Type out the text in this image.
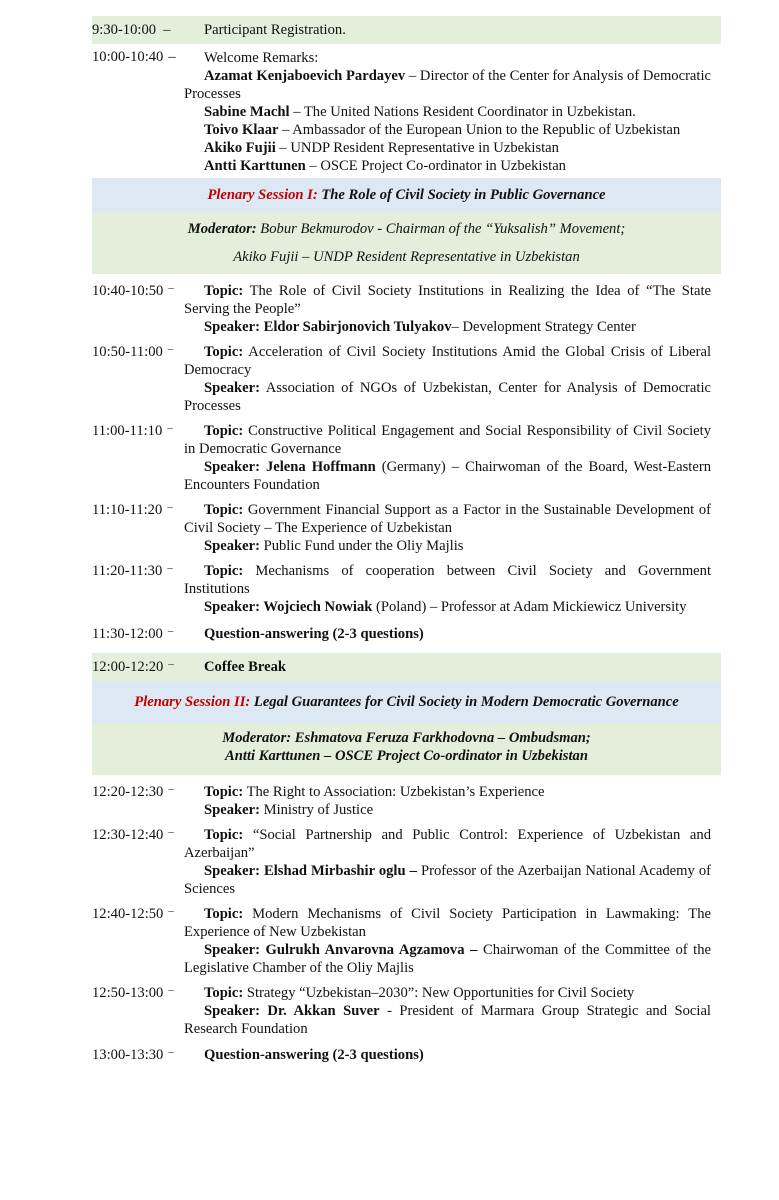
9:30-10:00 –	Participant Registration.
10:00-10:40 –	Welcome Remarks:

Azamat Kenjaboevich Pardayev – Director of the Center for Analysis of Democratic Processes

Sabine Machl – The United Nations Resident Coordinator in Uzbekistan.

Toivo Klaar – Ambassador of the European Union to the Republic of Uzbekistan

Akiko Fujii – UNDP Resident Representative in Uzbekistan

Antti Karttunen – OSCE Project Co-ordinator in Uzbekistan

Plenary Session I: The Role of Civil Society in Public Governance
Moderator: Bobur Bekmurodov - Chairman of the “Yuksalish” Movement;
Akiko Fujii – UNDP Resident Representative in Uzbekistan
10:40-10:50 –	Topic: The Role of Civil Society Institutions in Realizing the Idea of “The State Serving the People”

Speaker: Eldor Sabirjonovich Tulyakov– Development Strategy Center

10:50-11:00 –	Topic: Acceleration of Civil Society Institutions Amid the Global Crisis of Liberal Democracy

Speaker: Association of NGOs of Uzbekistan, Center for Analysis of Democratic Processes

11:00-11:10 –	Topic: Constructive Political Engagement and Social Responsibility of Civil Society in Democratic Governance

Speaker: Jelena Hoffmann (Germany) – Chairwoman of the Board, West-Eastern Encounters Foundation

11:10-11:20 –	Topic: Government Financial Support as a Factor in the Sustainable Development of Civil Society – The Experience of Uzbekistan

Speaker: Public Fund under the Oliy Majlis

11:20-11:30 –	Topic: Mechanisms of cooperation between Civil Society and Government Institutions

Speaker: Wojciech Nowiak (Poland) – Professor at Adam Mickiewicz University

11:30-12:00 –	Question-answering (2-3 questions)
12:00-12:20 –	Coffee Break
Plenary Session II: Legal Guarantees for Civil Society in Modern Democratic Governance
Moderator: Eshmatova Feruza Farkhodovna – Ombudsman;
Antti Karttunen – OSCE Project Co-ordinator in Uzbekistan
12:20-12:30 –	Topic: The Right to Association: Uzbekistan’s Experience

Speaker: Ministry of Justice

12:30-12:40 –	Topic: “Social Partnership and Public Control: Experience of Uzbekistan and Azerbaijan”

Speaker: Elshad Mirbashir oglu – Professor of the Azerbaijan National Academy of Sciences

12:40-12:50 –	Topic: Modern Mechanisms of Civil Society Participation in Lawmaking: The Experience of New Uzbekistan

Speaker: Gulrukh Anvarovna Agzamova – Chairwoman of the Committee of the Legislative Chamber of the Oliy Majlis

12:50-13:00 –	Topic: Strategy “Uzbekistan–2030”: New Opportunities for Civil Society

Speaker: Dr. Akkan Suver - President of Marmara Group Strategic and Social Research Foundation

13:00-13:30 –	Question-answering (2-3 questions)
